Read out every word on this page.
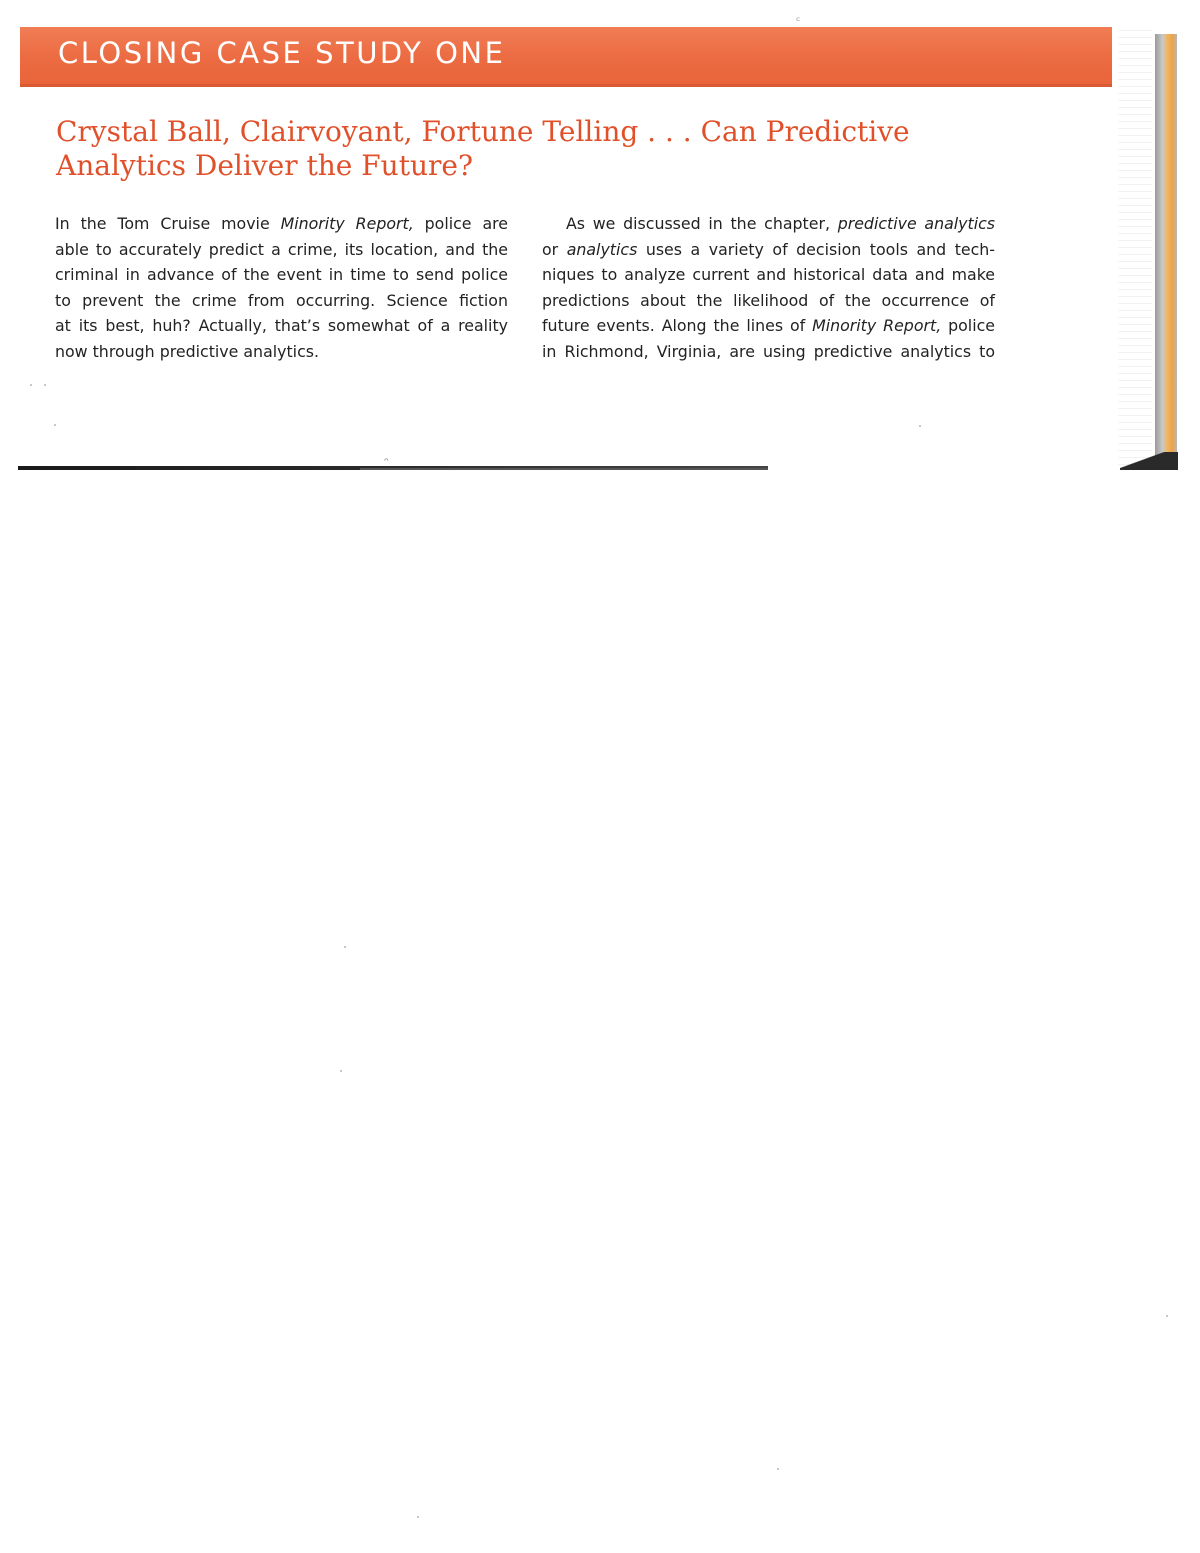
CLOSING CASE STUDY ONE
ᶜ
Crystal Ball, Clairvoyant, Fortune Telling . . . Can Predictive
Analytics Deliver the Future?
In the Tom Cruise movie Minority Report, police are
able to accurately predict a crime, its location, and the
criminal in advance of the event in time to send police
to prevent the crime from occurring. Science fiction
at its best, huh? Actually, that’s somewhat of a reality
now through predictive analytics.
As we discussed in the chapter, predictive analytics
or analytics uses a variety of decision tools and tech-
niques to analyze current and historical data and make
predictions about the likelihood of the occurrence of
future events. Along the lines of Minority Report, police
in Richmond, Virginia, are using predictive analytics to
ᵔ
